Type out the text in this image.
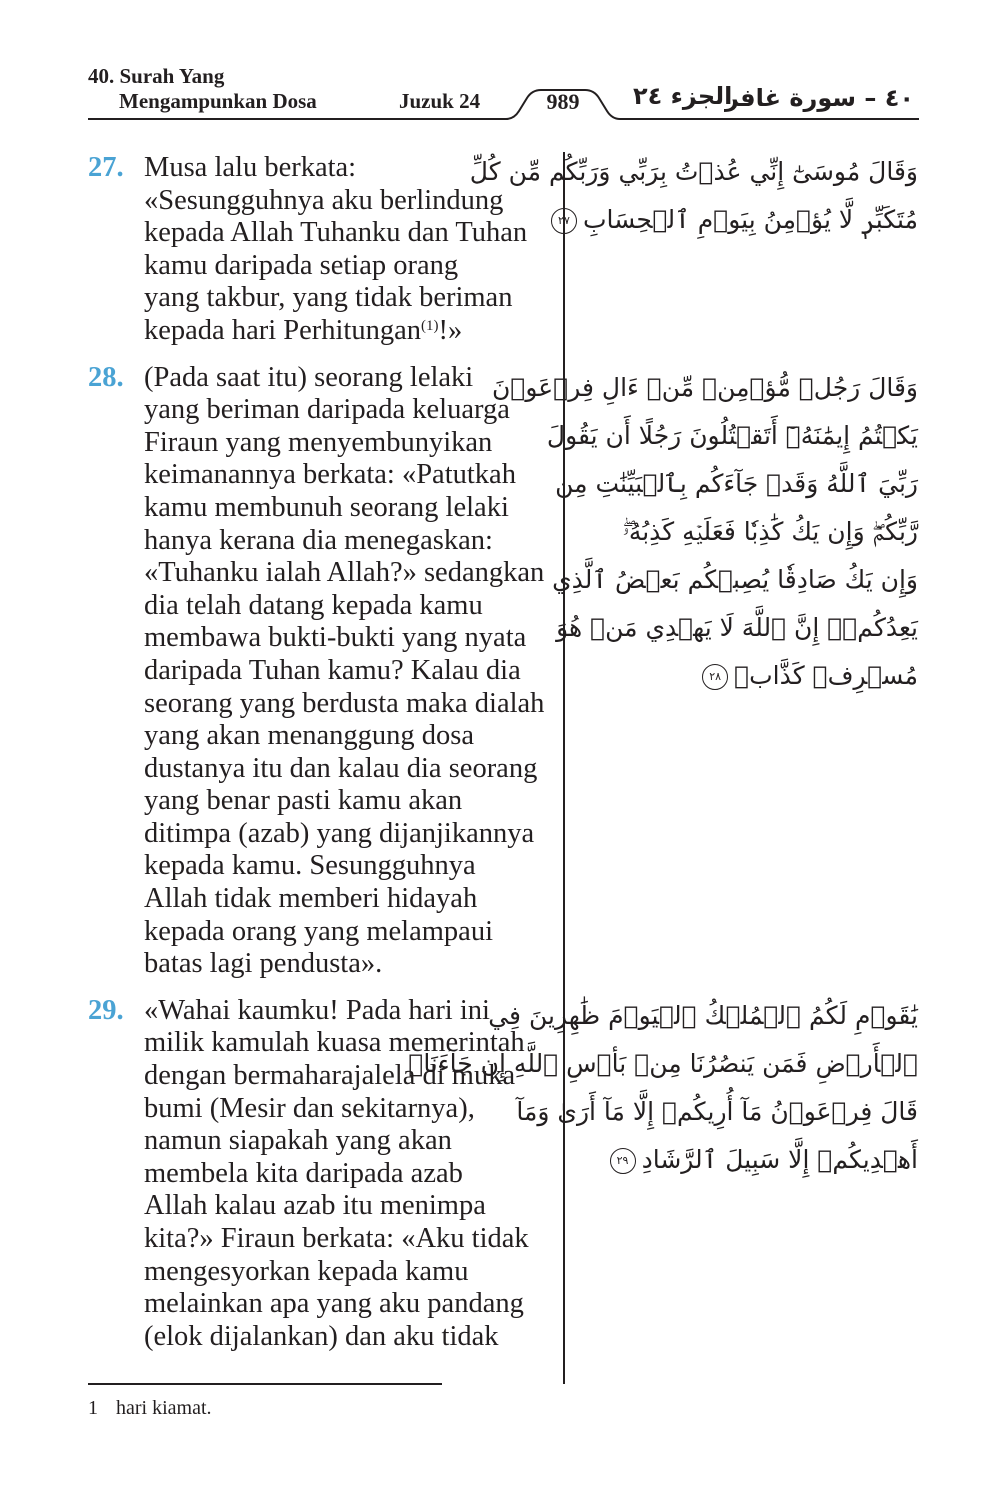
40. Surah Yang
Mengampunkan Dosa	Juzuk 24	989	الجزء ٢٤
٤٠ – سورة غافر
27. Musa lalu berkata:
«Sesungguhnya aku berlindung
kepada Allah Tuhanku dan Tuhan
kamu daripada setiap orang
yang takbur, yang tidak beriman
kepada hari Perhitungan$^{(1)}$!»
28. (Pada saat itu) seorang lelaki
yang beriman daripada keluarga
Firaun yang menyembunyikan
keimanannya berkata: «Patutkah
kamu membunuh seorang lelaki
hanya kerana dia menegaskan:
«Tuhanku ialah Allah?» sedangkan
dia telah datang kepada kamu
membawa bukti-bukti yang nyata
daripada Tuhan kamu? Kalau dia
seorang yang berdusta maka dialah
yang akan menanggung dosa
dustanya itu dan kalau dia seorang
yang benar pasti kamu akan
ditimpa (azab) yang dijanjikannya
kepada kamu. Sesungguhnya
Allah tidak memberi hidayah
kepada orang yang melampaui
batas lagi pendusta».
29. «Wahai kaumku! Pada hari ini
milik kamulah kuasa memerintah
dengan bermaharajalela di muka
bumi (Mesir dan sekitarnya),
namun siapakah yang akan
membela kita daripada azab
Allah kalau azab itu menimpa
kita?» Firaun berkata: «Aku tidak
mengesyorkan kepada kamu
melainkan apa yang aku pandang
(elok dijalankan) dan aku tidak
وَقَالَ مُوسَىٰٓ إِنِّي عُذۡتُ بِرَبِّي وَرَبِّكُم مِّن كُلِّ
مُتَكَبِّرٖ لَّا يُؤۡمِنُ بِيَوۡمِ ٱلۡحِسَابِ٢٧
وَقَالَ رَجُلٞ مُّؤۡمِنٞ مِّنۡ ءَالِ فِرۡعَوۡنَ
يَكۡتُمُ إِيمَٰنَهُۥٓ أَتَقۡتُلُونَ رَجُلًا أَن يَقُولَ
رَبِّيَ ٱللَّهُ وَقَدۡ جَآءَكُم بِٱلۡبَيِّنَٰتِ مِن
رَّبِّكُمۡۖ وَإِن يَكُ كَٰذِبٗا فَعَلَيۡهِ كَذِبُهُۥۖ
وَإِن يَكُ صَادِقٗا يُصِبۡكُم بَعۡضُ ٱلَّذِي
يَعِدُكُمۡۖ إِنَّ ٱللَّهَ لَا يَهۡدِي مَنۡ هُوَ
مُسۡرِفٞ كَذَّابٞ٢٨
يَٰقَوۡمِ لَكُمُ ٱلۡمُلۡكُ ٱلۡيَوۡمَ ظَٰهِرِينَ فِي
ٱلۡأَرۡضِ فَمَن يَنصُرُنَا مِنۢ بَأۡسِ ٱللَّهِ إِن جَآءَنَاۚ
قَالَ فِرۡعَوۡنُ مَآ أُرِيكُمۡ إِلَّا مَآ أَرَىٰ وَمَآ
أَهۡدِيكُمۡ إِلَّا سَبِيلَ ٱلرَّشَادِ٢٩
1 hari kiamat.
